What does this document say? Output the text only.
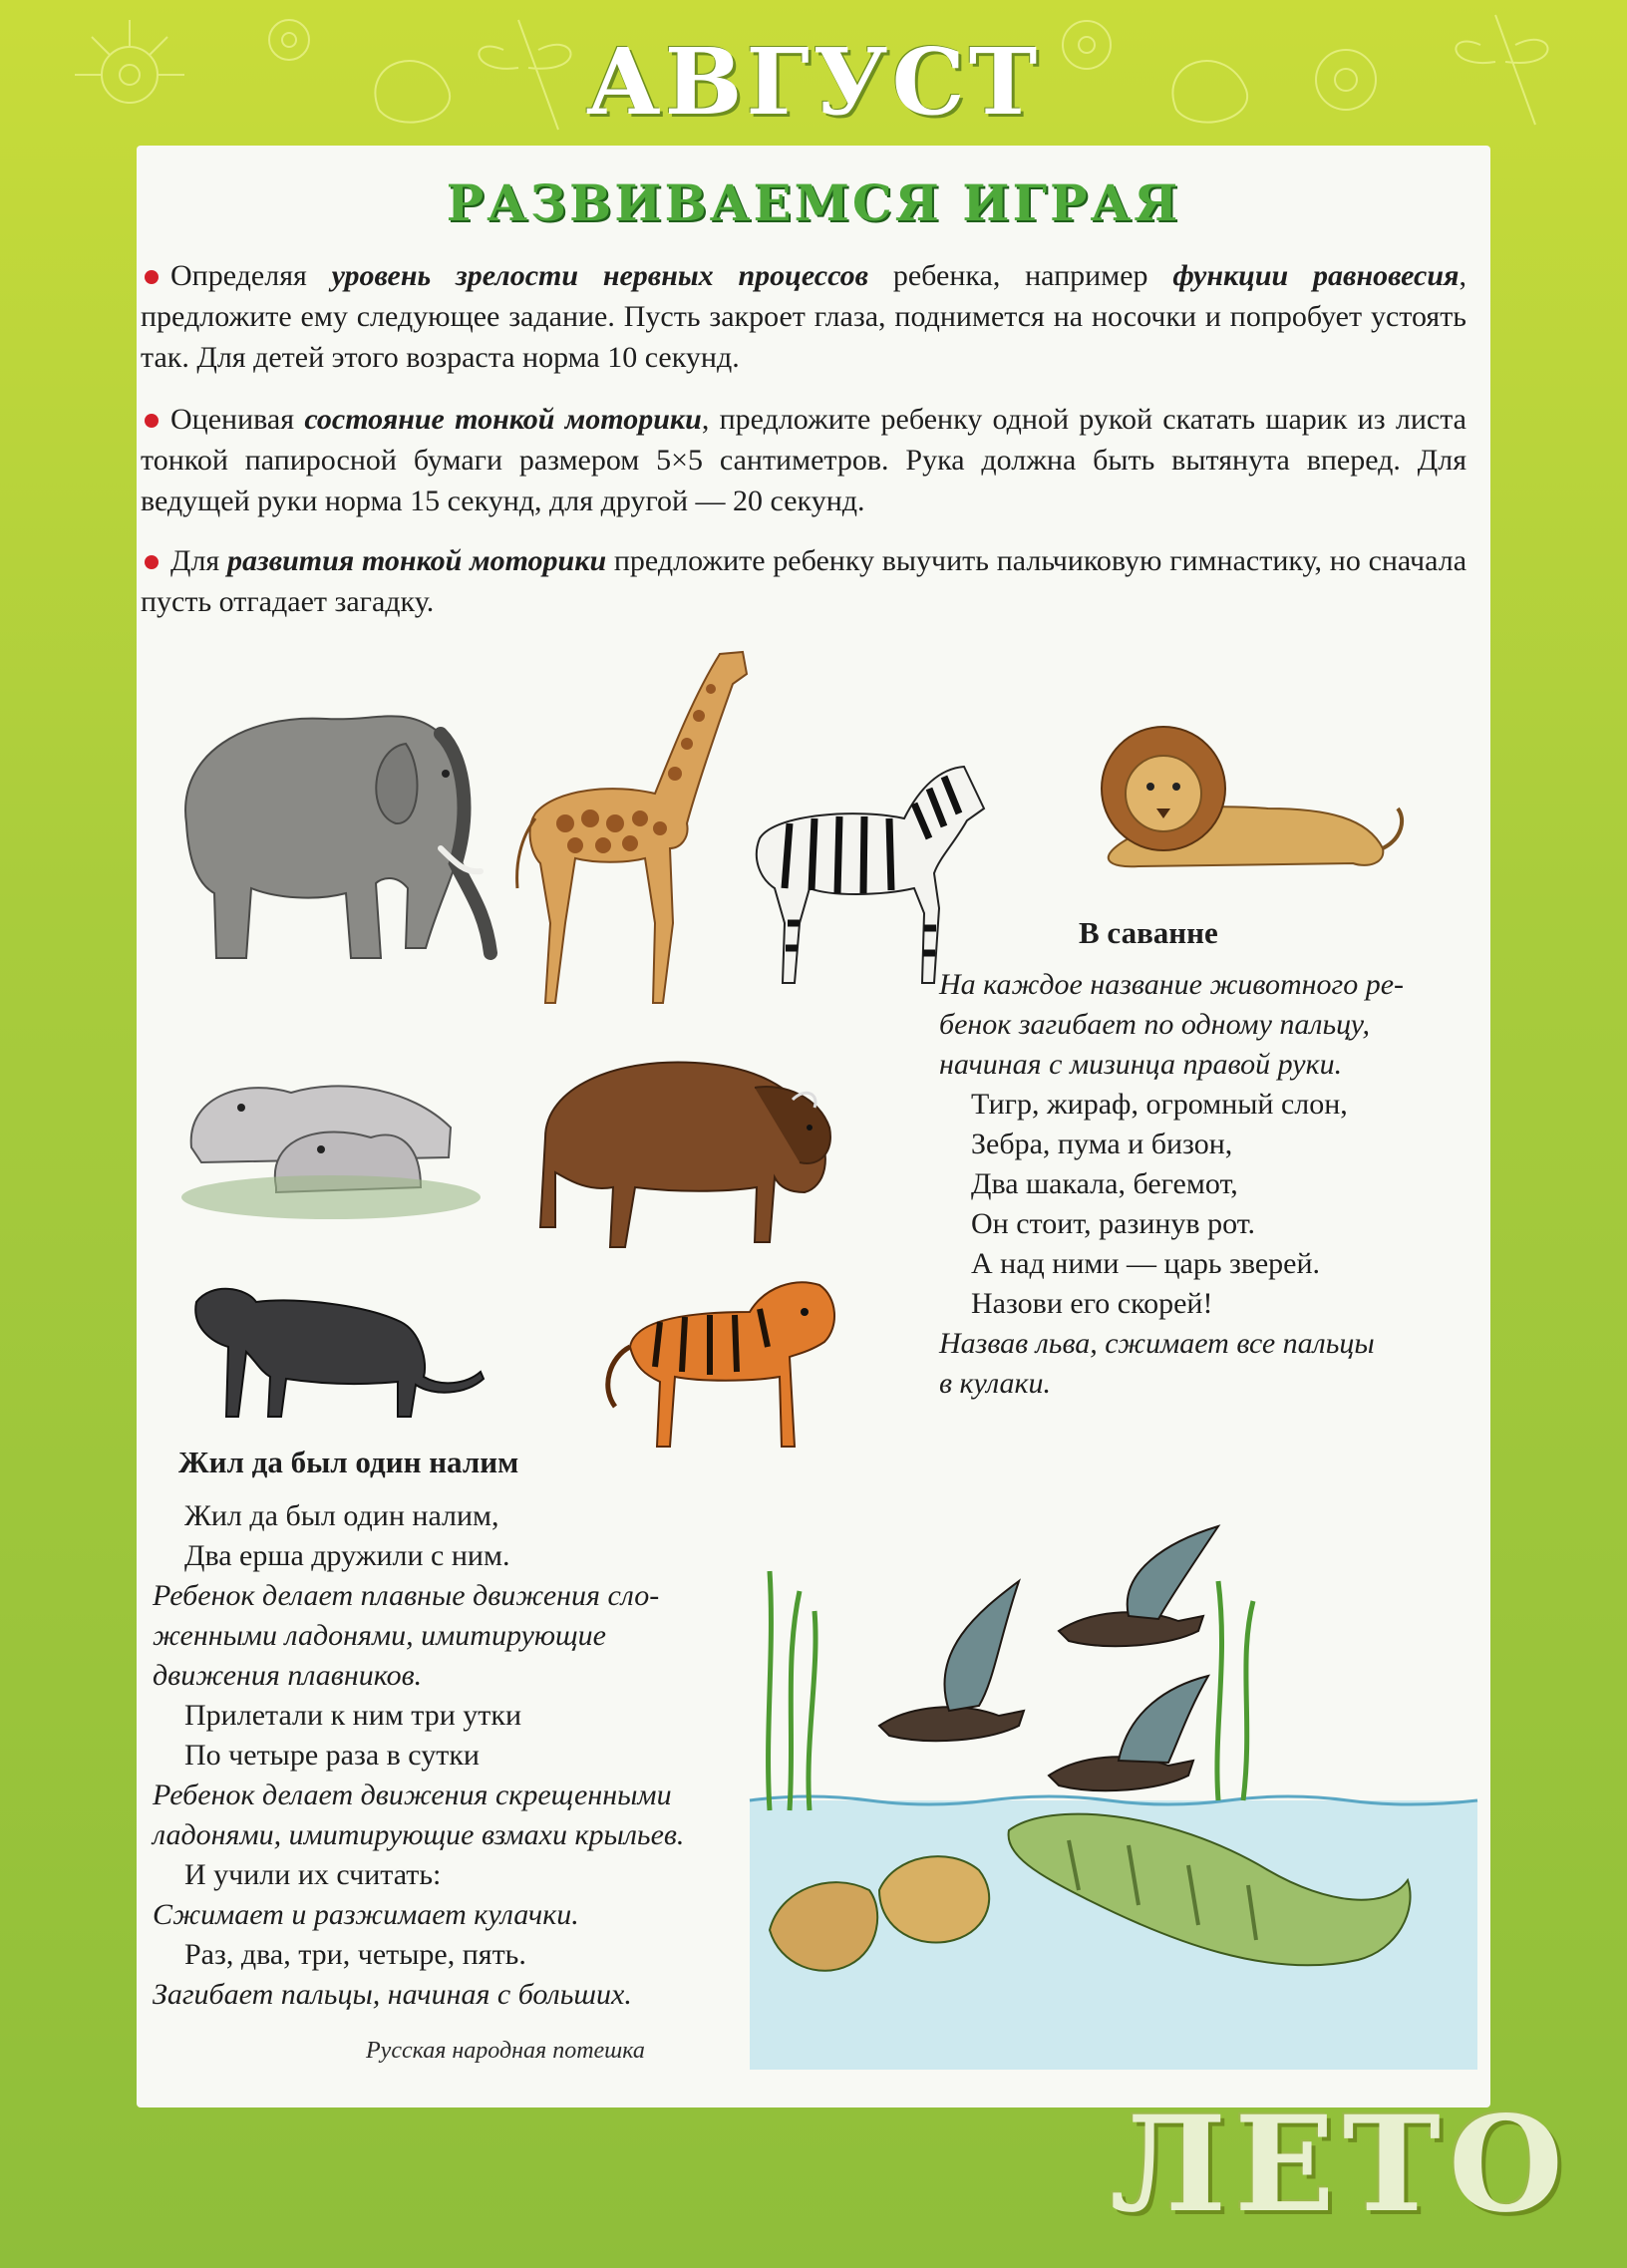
АВГУСТ
РАЗВИВАЕМСЯ ИГРАЯ
Определяя уровень зрелости нервных процессов ребенка, например функции равновесия, предложите ему следующее задание. Пусть закроет глаза, поднимется на носочки и попробует устоять так. Для детей этого возраста норма 10 секунд.
Оценивая состояние тонкой моторики, предложите ребенку одной рукой скатать шарик из листа тонкой папиросной бумаги размером 5×5 сантиметров. Рука должна быть вытянута вперед. Для ведущей руки норма 15 секунд, для другой — 20 секунд.
Для развития тонкой моторики предложите ребенку выучить пальчиковую гимнастику, но сначала пусть отгадает загадку.
В саванне
На каждое название животного ре-
бенок загибает по одному пальцу,
начиная с мизинца правой руки.
Тигр, жираф, огромный слон,
Зебра, пума и бизон,
Два шакала, бегемот,
Он стоит, разинув рот.
А над ними — царь зверей.
Назови его скорей!
Назвав льва, сжимает все пальцы
в кулаки.
Жил да был один налим
Жил да был один налим,
Два ерша дружили с ним.
Ребенок делает плавные движения сло-
женными ладонями, имитирующие
движения плавников.
Прилетали к ним три утки
По четыре раза в сутки
Ребенок делает движения скрещенными
ладонями, имитирующие взмахи крыльев.
И учили их считать:
Сжимает и разжимает кулачки.
Раз, два, три, четыре, пять.
Загибает пальцы, начиная с больших.
Русская народная потешка
ЛЕТО
